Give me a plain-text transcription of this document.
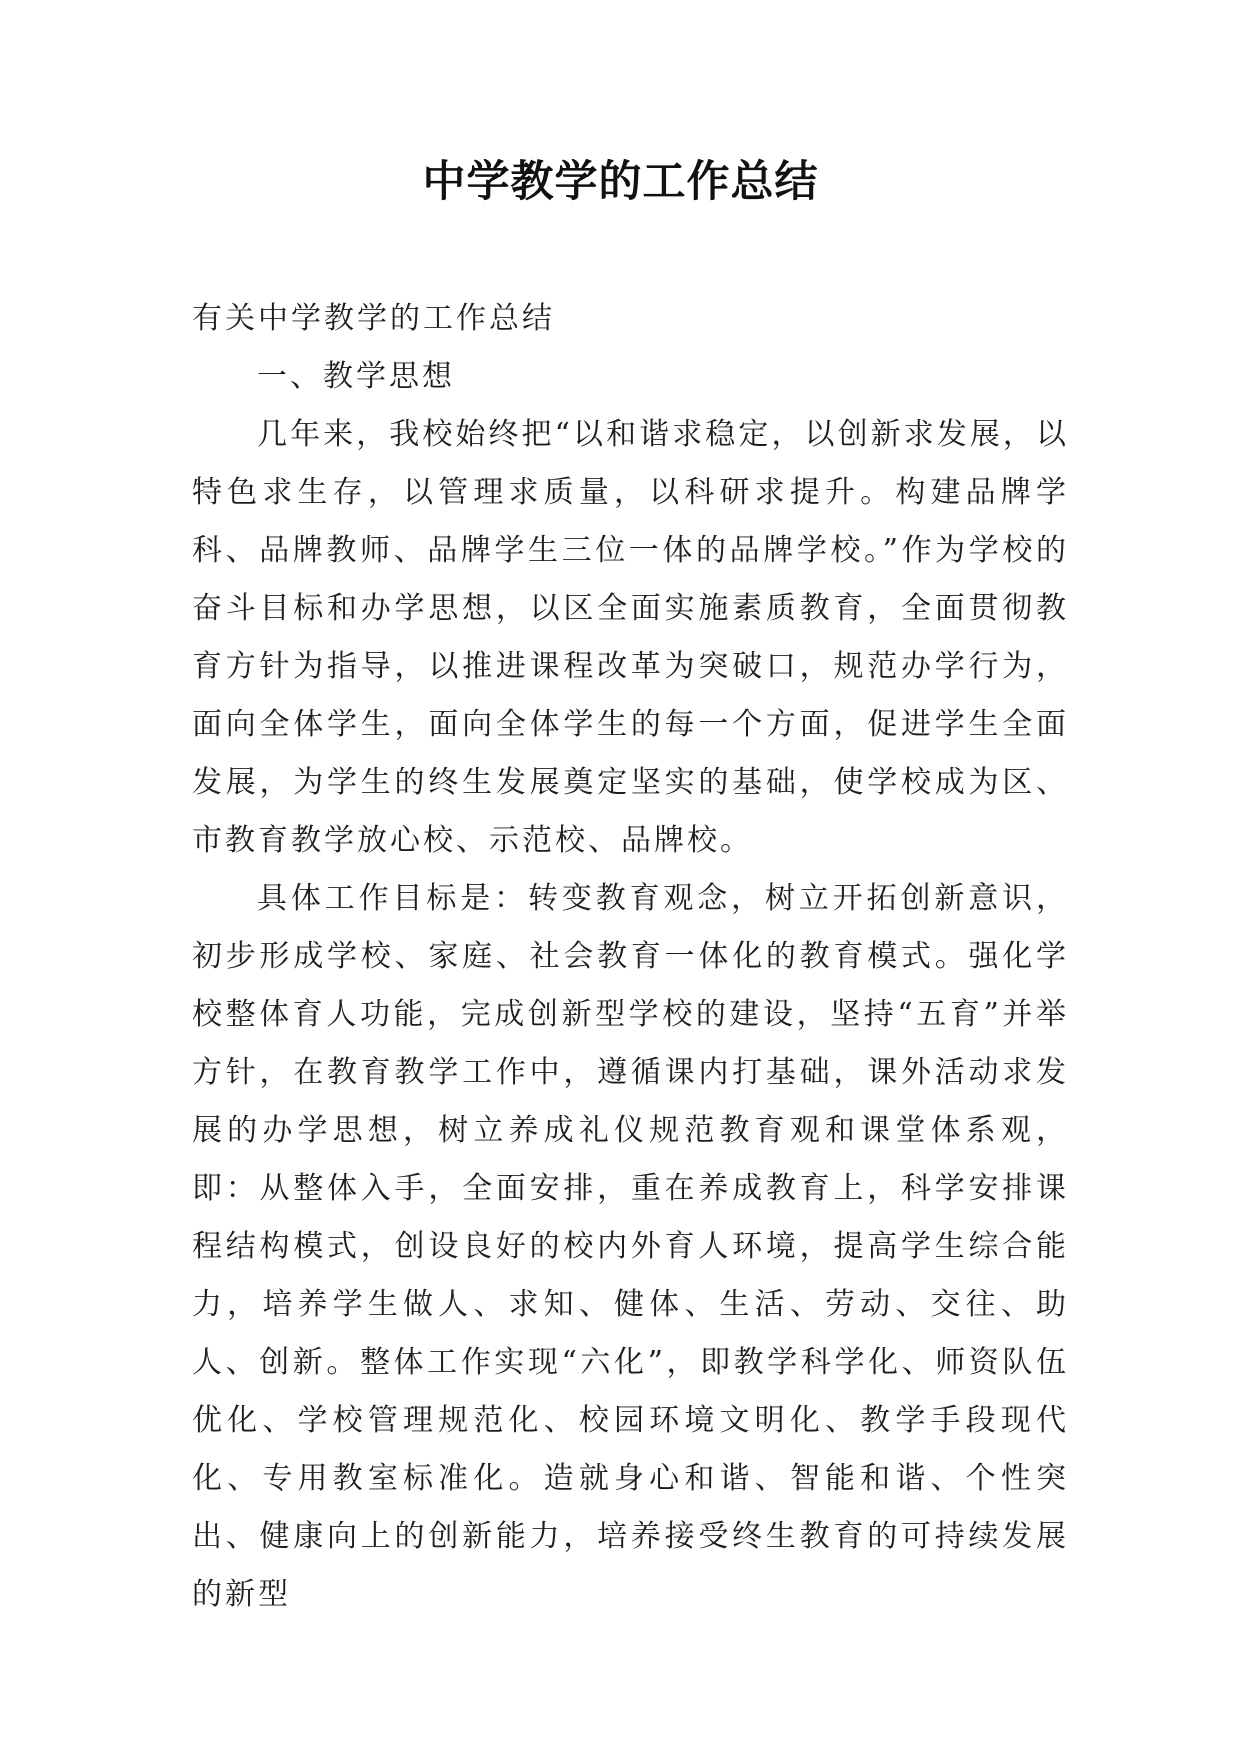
中学教学的工作总结

有关中学教学的工作总结

一、教学思想

几年来，我校始终把“以和谐求稳定，以创新求发展，以特色求生存，以管理求质量，以科研求提升。构建品牌学科、品牌教师、品牌学生三位一体的品牌学校。”作为学校的奋斗目标和办学思想，以区全面实施素质教育，全面贯彻教育方针为指导，以推进课程改革为突破口，规范办学行为，面向全体学生，面向全体学生的每一个方面，促进学生全面发展，为学生的终生发展奠定坚实的基础，使学校成为区、市教育教学放心校、示范校、品牌校。

具体工作目标是：转变教育观念，树立开拓创新意识，初步形成学校、家庭、社会教育一体化的教育模式。强化学校整体育人功能，完成创新型学校的建设，坚持“五育”并举方针，在教育教学工作中，遵循课内打基础，课外活动求发展的办学思想，树立养成礼仪规范教育观和课堂体系观，即：从整体入手，全面安排，重在养成教育上，科学安排课程结构模式，创设良好的校内外育人环境，提高学生综合能力，培养学生做人、求知、健体、生活、劳动、交往、助人、创新。整体工作实现“六化”，即教学科学化、师资队伍优化、学校管理规范化、校园环境文明化、教学手段现代化、专用教室标准化。造就身心和谐、智能和谐、个性突出、健康向上的创新能力，培养接受终生教育的可持续发展的新型
